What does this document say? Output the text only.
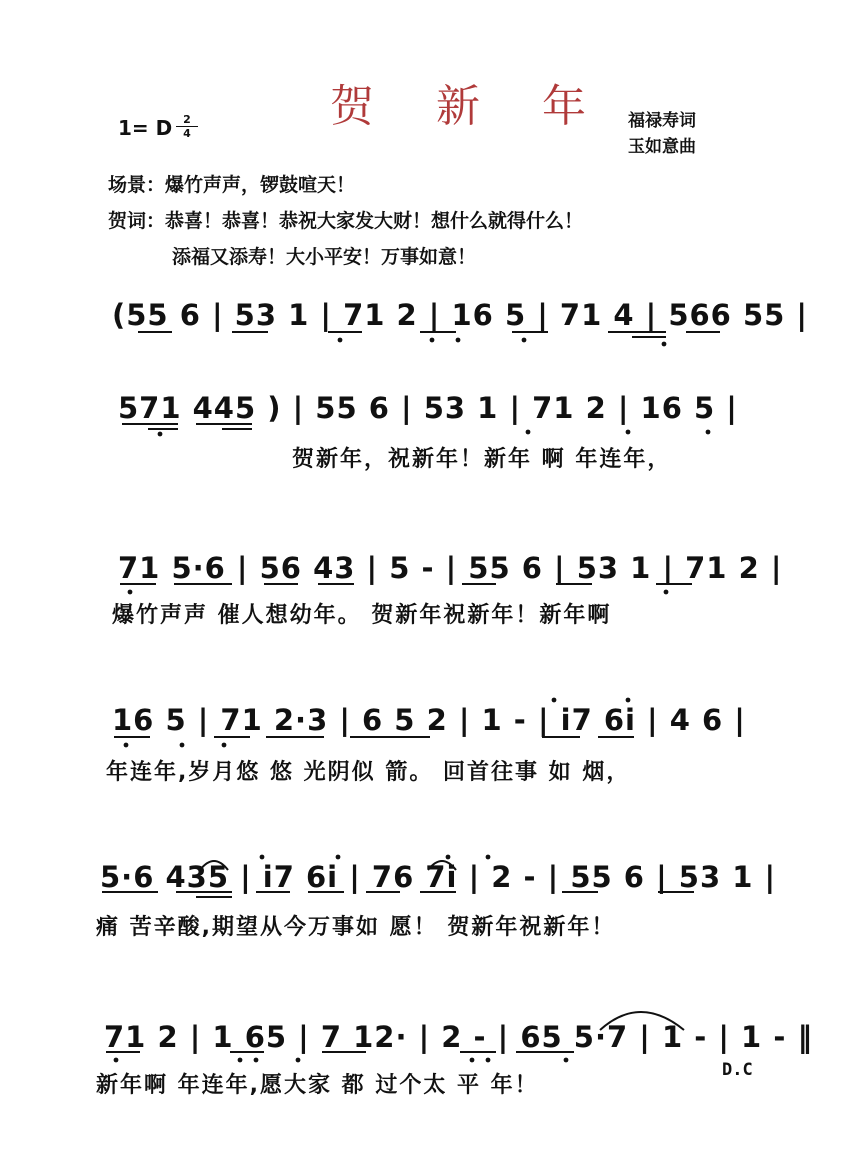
贺 新 年
1= D 2
4
福禄寿词
玉如意曲
场景：爆竹声声，锣鼓喧天！
贺词：恭喜！恭喜！恭祝大家发大财！想什么就得什么！
添福又添寿！大小平安！万事如意！
(55 6 | 53 1 | 71 2 | 16 5 | 71 4 | 566 55 |
571 445 ) | 55 6 | 53 1 | 71 2 | 16 5 |
贺新年，祝新年！新年 啊 年连年，
71 5·6 | 56 43 | 5 - | 55 6 | 53 1 | 71 2 |
爆竹声声 催人想幼年。 贺新年祝新年！新年啊
16 5 | 71 2·3 | 6 5 2 | 1 - | i7 6i | 4 6 |
年连年,岁月悠 悠 光阴似 箭。 回首往事 如 烟，
5·6 435 | i7 6i | 76 7i | 2 - | 55 6 | 53 1 |
痛 苦辛酸,期望从今万事如 愿！ 贺新年祝新年！
71 2 | 1 65 | 7 12· | 2 - | 65 5·7 | 1 - | 1 - ‖
新年啊 年连年,愿大家 都 过个太 平 年！
D.C
